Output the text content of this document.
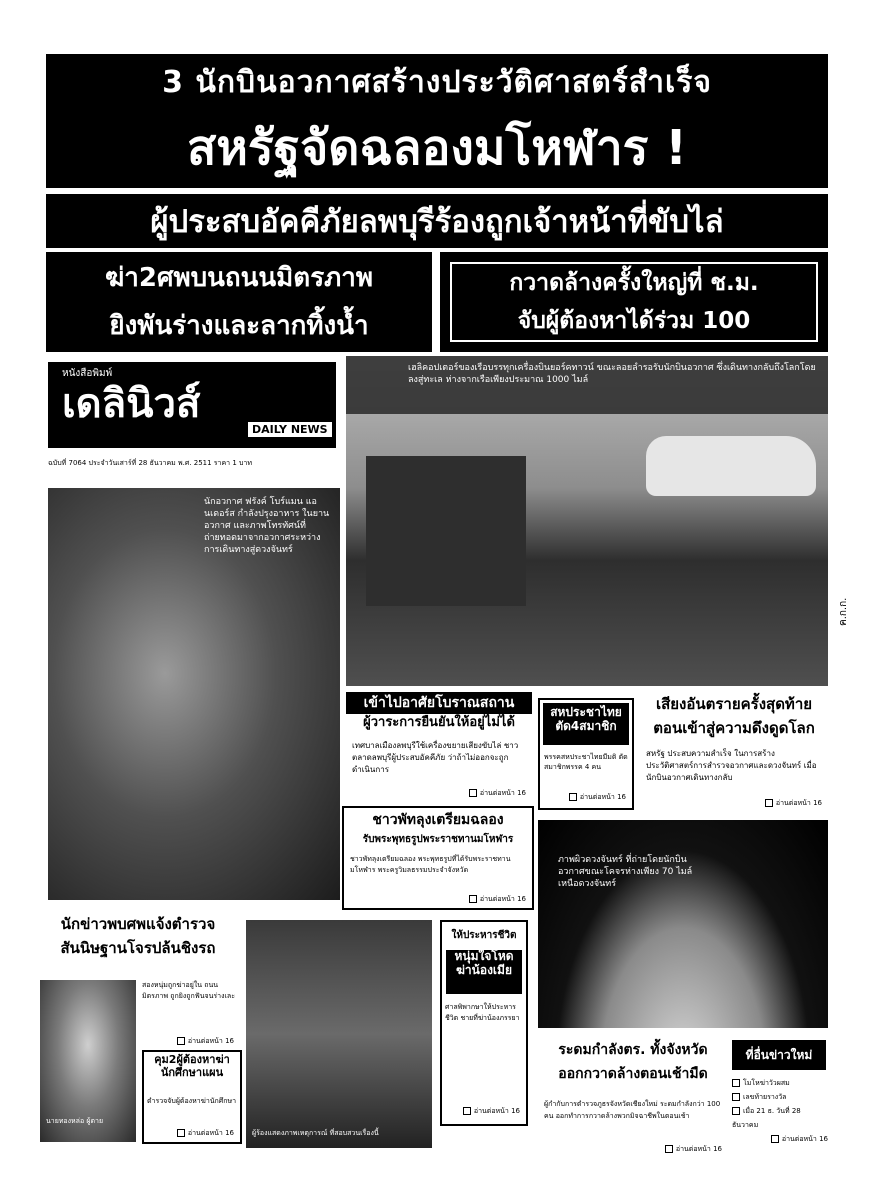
3 นักบินอวกาศสร้างประวัติศาสตร์สำเร็จ
สหรัฐจัดฉลองมโหฬาร !
ผู้ประสบอัคคีภัยลพบุรีร้องถูกเจ้าหน้าที่ขับไล่
ฆ่า2ศพบนถนนมิตรภาพ
ยิงพันร่างและลากทิ้งน้ำ
กวาดล้างครั้งใหญ่ที่ ช.ม.
จับผู้ต้องหาได้ร่วม 100
หนังสือพิมพ์
เดลินิวส์
DAILY NEWS
ฉบับที่ 7064 ประจำวันเสาร์ที่ 28 ธันวาคม พ.ศ. 2511 ราคา 1 บาท
เฮลิคอปเตอร์ของเรือบรรทุกเครื่องบินยอร์คทาวน์ ขณะลอยลำรอรับนักบินอวกาศ ซึ่งเดินทางกลับถึงโลกโดยลงสู่ทะเล ห่างจากเรือเพียงประมาณ 1000 ไมล์
นักอวกาศ ฟรังค์ โบร์แมน แอนเดอร์ส กำลังปรุงอาหาร ในยานอวกาศ และภาพโทรทัศน์ที่ถ่ายทอดมาจากอวกาศระหว่างการเดินทางสู่ดวงจันทร์
เข้าไปอาศัยโบราณสถาน
ผู้วาระการยืนยันให้อยู่ไม่ได้
เทศบาลเมืองลพบุรีใช้เครื่องขยายเสียงขับไล่ ชาวตลาดลพบุรีผู้ประสบอัคคีภัย ว่าถ้าไม่ออกจะถูกดำเนินการ
อ่านต่อหน้า 16
สหประชาไทยตัด4สมาชิก
พรรคสหประชาไทยมีมติ ตัดสมาชิกพรรค 4 คน
อ่านต่อหน้า 16
เสียงอันตรายครั้งสุดท้าย
ตอนเข้าสู่ความดึงดูดโลก
สหรัฐ ประสบความสำเร็จ ในการสร้างประวัติศาสตร์การสำรวจอวกาศและดวงจันทร์ เมื่อนักบินอวกาศเดินทางกลับ
อ่านต่อหน้า 16
ชาวพัทลุงเตรียมฉลอง
รับพระพุทธรูปพระราชทานมโหฬาร
ชาวพัทลุงเตรียมฉลอง พระพุทธรูปที่ได้รับพระราชทาน มโหฬาร พระครูวิมลธรรมประจำจังหวัด
อ่านต่อหน้า 16
ภาพผิวดวงจันทร์ ที่ถ่ายโดยนักบินอวกาศขณะโคจรห่างเพียง 70 ไมล์ เหนือดวงจันทร์
นักข่าวพบศพแจ้งตำรวจ
สันนิษฐานโจรปล้นชิงรถ
นายทองหล่อ ผู้ตาย
สองหนุ่มถูกฆ่าอยู่ใน ถนนมิตรภาพ ถูกยิงถูกฟันจนร่างเละ
อ่านต่อหน้า 16
คุม2ผู้ต้องหาฆ่านักศึกษาแผน
ตำรวจจับผู้ต้องหาฆ่านักศึกษา
อ่านต่อหน้า 16	ผู้ร้องแสดงภาพเหตุการณ์ ที่สอบสวนเรื่องนี้
ให้ประหารชีวิต
หนุ่มใจโหด
ฆ่าน้องเมีย
ศาลพิพากษาให้ประหารชีวิต ชายที่ฆ่าน้องภรรยา
อ่านต่อหน้า 16
ระดมกำลังตร. ทั้งจังหวัด
ออกกวาดล้างตอนเช้ามืด
ผู้กำกับการตำรวจภูธรจังหวัดเชียงใหม่ ระดมกำลังกว่า 100 คน ออกทำการกวาดล้างพวกมิจฉาชีพในตอนเช้า
อ่านต่อหน้า 16
ที่อื่นข่าวใหม่
โมโหฆ่าวัวผสม
เลขท้ายรางวัล
เมื่อ 21 ธ. วันที่ 28 ธันวาคม
อ่านต่อหน้า 16
ค.ก.ก.
